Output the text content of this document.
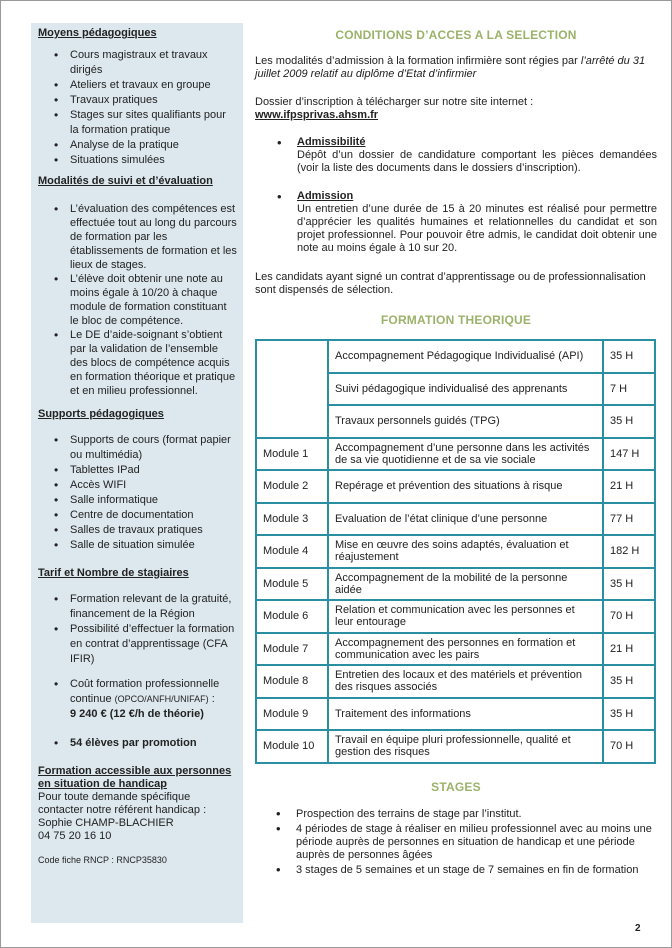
Moyens pédagogiques
• Cours magistraux et travaux dirigés
• Ateliers et travaux en groupe
• Travaux pratiques
• Stages sur sites qualifiants pour la formation pratique
• Analyse de la pratique
• Situations simulées
Modalités de suivi et d’évaluation
• L’évaluation des compétences est effectuée tout au long du parcours de formation par les établissements de formation et les lieux de stages.
• L’élève doit obtenir une note au moins égale à 10/20 à chaque module de formation constituant le bloc de compétence.
• Le DE d’aide-soignant s’obtient par la validation de l’ensemble des blocs de compétence acquis en formation théorique et pratique et en milieu professionnel.
Supports pédagogiques
• Supports de cours (format papier ou multimédia)
• Tablettes IPad
• Accès WIFI
• Salle informatique
• Centre de documentation
• Salles de travaux pratiques
• Salle de situation simulée
Tarif et Nombre de stagiaires
• Formation relevant de la gratuité, financement de la Région
• Possibilité d’effectuer la formation en contrat d’apprentissage (CFA IFIR)
• Coût formation professionnelle continue (OPCO/ANFH/UNIFAF) :
9 240 € (12 €/h de théorie)
• 54 élèves par promotion
Formation accessible aux personnes en situation de handicap
Pour toute demande spécifique contacter notre référent handicap :
Sophie CHAMP-BLACHIER
04 75 20 16 10
Code fiche RNCP : RNCP35830
CONDITIONS D’ACCES A LA SELECTION

Les modalités d’admission à la formation infirmière sont régies par l’arrêté du 31 juillet 2009 relatif au diplôme d’Etat d’infirmier

Dossier d’inscription à télécharger sur notre site internet :

www.ifpsprivas.ahsm.fr

• Admissibilité
Dépôt d’un dossier de candidature comportant les pièces demandées (voir la liste des documents dans le dossiers d’inscription).
• Admission
Un entretien d’une durée de 15 à 20 minutes est réalisé pour permettre d’apprécier les qualités humaines et relationnelles du candidat et son projet professionnel. Pour pouvoir être admis, le candidat doit obtenir une note au moins égale à 10 sur 20.

Les candidats ayant signé un contrat d’apprentissage ou de professionnalisation sont dispensés de sélection.

FORMATION THEORIQUE
	Accompagnement Pédagogique Individualisé (API)	35 H
	Suivi pédagogique individualisé des apprenants	7 H
	Travaux personnels guidés (TPG)	35 H
Module 1	Accompagnement d’une personne dans les activités de sa vie quotidienne et de sa vie sociale	147 H
Module 2	Repérage et prévention des situations à risque	21 H
Module 3	Evaluation de l’état clinique d’une personne	77 H
Module 4	Mise en œuvre des soins adaptés, évaluation et réajustement	182 H
Module 5	Accompagnement de la mobilité de la personne aidée	35 H
Module 6	Relation et communication avec les personnes et leur entourage	70 H
Module 7	Accompagnement des personnes en formation et communication avec les pairs	21 H
Module 8	Entretien des locaux et des matériels et prévention des risques associés	35 H
Module 9	Traitement des informations	35 H
Module 10	Travail en équipe pluri professionnelle, qualité et gestion des risques	70 H
STAGES
• Prospection des terrains de stage par l’institut.
• 4 périodes de stage à réaliser en milieu professionnel avec au moins une période auprès de personnes en situation de handicap et une période auprès de personnes âgées
• 3 stages de 5 semaines et un stage de 7 semaines en fin de formation
2
